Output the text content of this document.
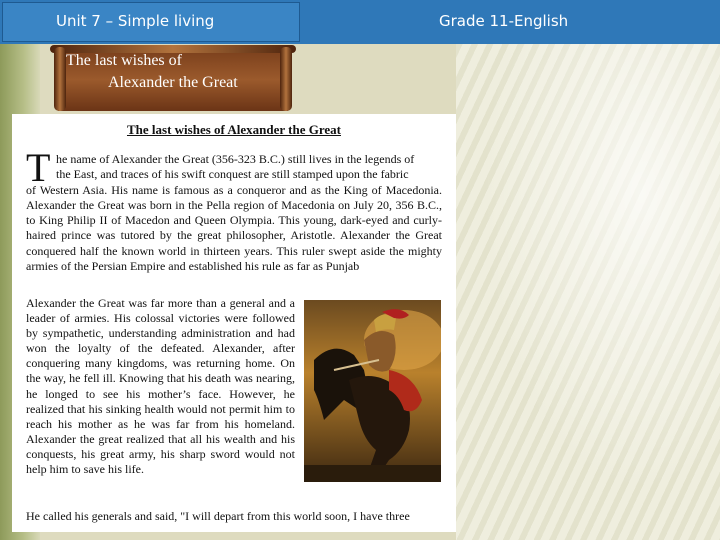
Unit 7 – Simple living	Grade 11-English
The last wishes of
Alexander the Great
The last wishes of Alexander the Great
T he name of Alexander the Great (356-323 B.C.) still lives in the legends of
the East, and traces of his swift conquest are still stamped upon the fabric
of Western Asia. His name is famous as a conqueror and as the King of Macedonia. Alexander the Great was born in the Pella region of Macedonia on July 20, 356 B.C., to King Philip II of Macedon and Queen Olympia. This young, dark-eyed and curly-haired prince was tutored by the great philosopher, Aristotle. Alexander the Great conquered half the known world in thirteen years. This ruler swept aside the mighty armies of the Persian Empire and established his rule as far as Punjab

Alexander the Great was far more than a general and a leader of armies. His colossal victories were followed by sympathetic, understanding administration and had won the loyalty of the defeated. Alexander, after conquering many kingdoms, was returning home. On the way, he fell ill. Knowing that his death was nearing, he longed to see his mother’s face. However, he realized that his sinking health would not permit him to reach his mother as he was far from his homeland. Alexander the great realized that all his wealth and his conquests, his great army, his sharp sword would not help him to save his life.

He called his generals and said, "I will depart from this world soon, I have three
